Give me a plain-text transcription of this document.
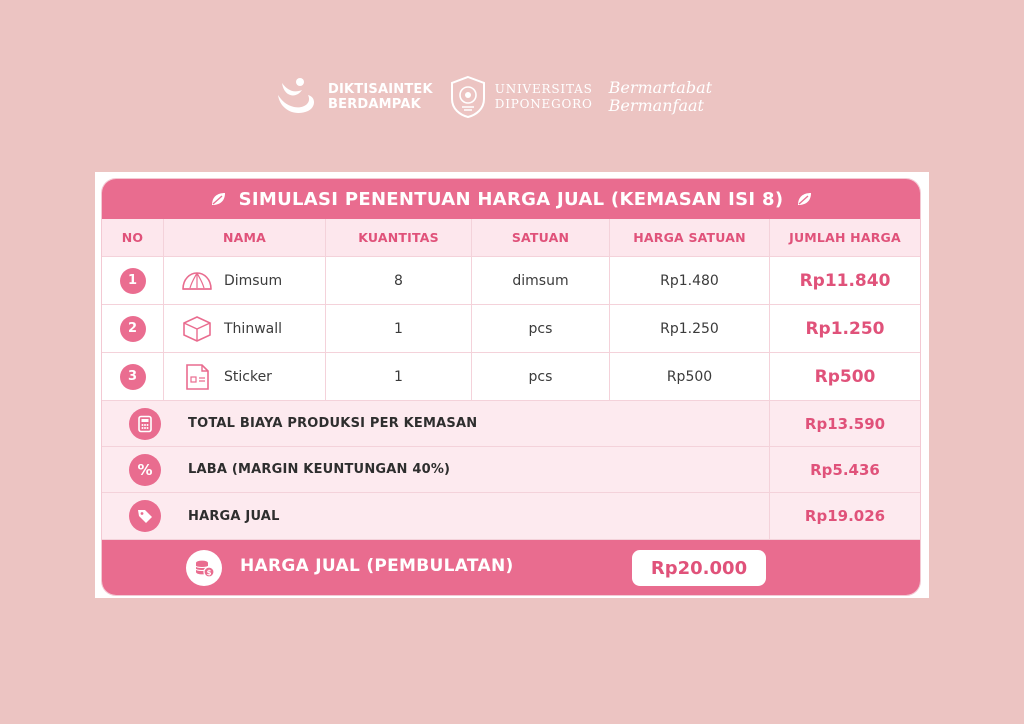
DIKTISAINTEK
BERDAMPAK
UNIVERSITAS
DIPONEGORO
Bermartabat
Bermanfaat
SIMULASI PENENTUAN HARGA JUAL (KEMASAN ISI 8)
NO	NAMA	KUANTITAS	SATUAN	HARGA SATUAN	JUMLAH HARGA
1	Dimsum	8	dimsum	Rp1.480	Rp11.840
2	Thinwall	1	pcs	Rp1.250	Rp1.250
3	Sticker	1	pcs	Rp500	Rp500
TOTAL BIAYA PRODUKSI PER KEMASAN	Rp13.590
%	LABA (MARGIN KEUNTUNGAN 40%)	Rp5.436
HARGA JUAL	Rp19.026
$ HARGA JUAL (PEMBULATAN)	Rp20.000
